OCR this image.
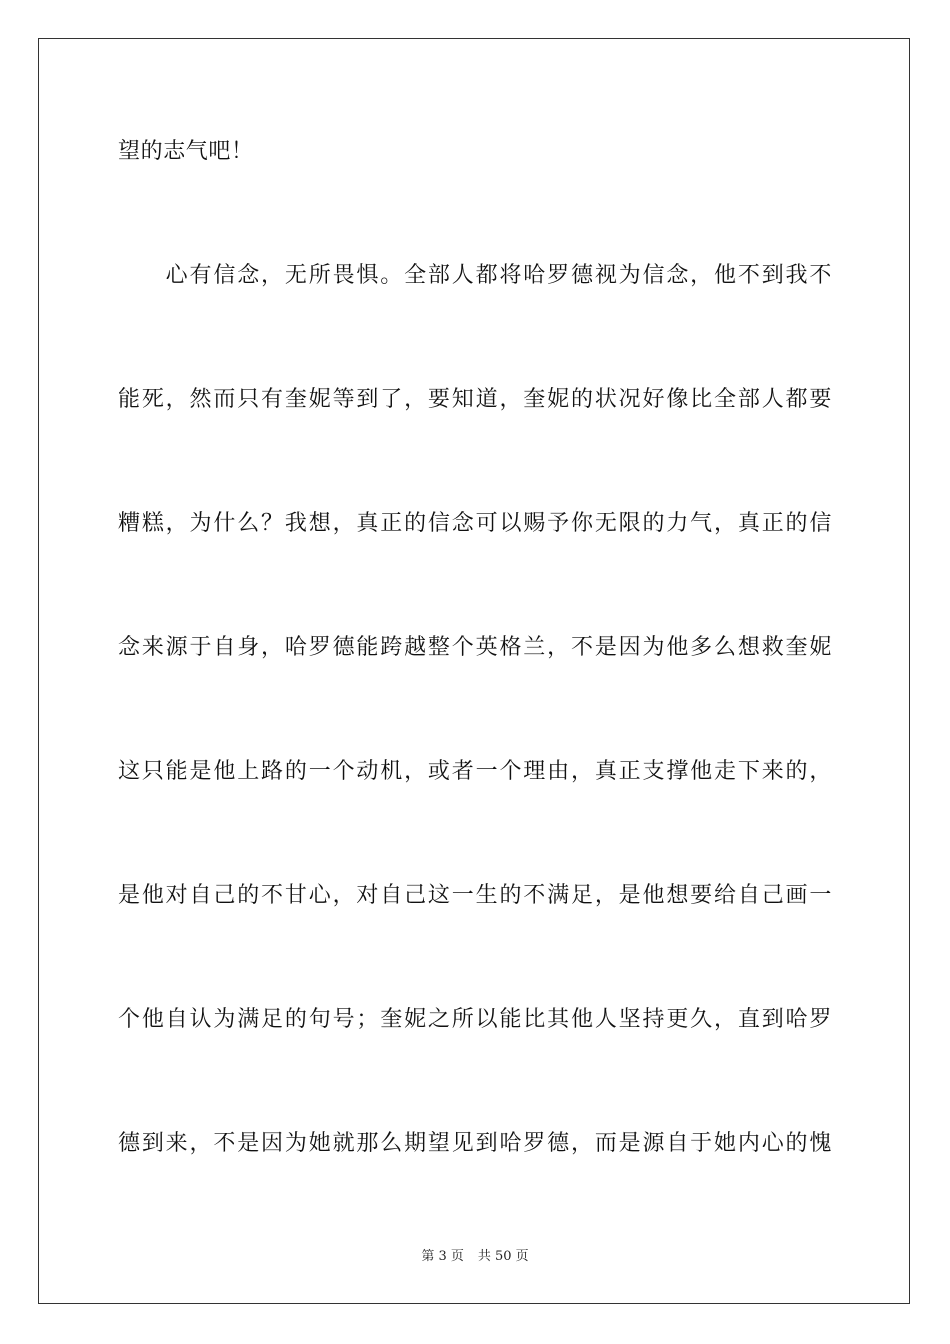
望的志气吧！
　　心有信念，无所畏惧。全部人都将哈罗德视为信念，他不到我不
能死，然而只有奎妮等到了，要知道，奎妮的状况好像比全部人都要
糟糕，为什么？我想，真正的信念可以赐予你无限的力气，真正的信
念来源于自身，哈罗德能跨越整个英格兰，不是因为他多么想救奎妮
这只能是他上路的一个动机，或者一个理由，真正支撑他走下来的，
是他对自己的不甘心，对自己这一生的不满足，是他想要给自己画一
个他自认为满足的句号；奎妮之所以能比其他人坚持更久，直到哈罗
德到来，不是因为她就那么期望见到哈罗德，而是源自于她内心的愧
第 3 页 共 50 页
